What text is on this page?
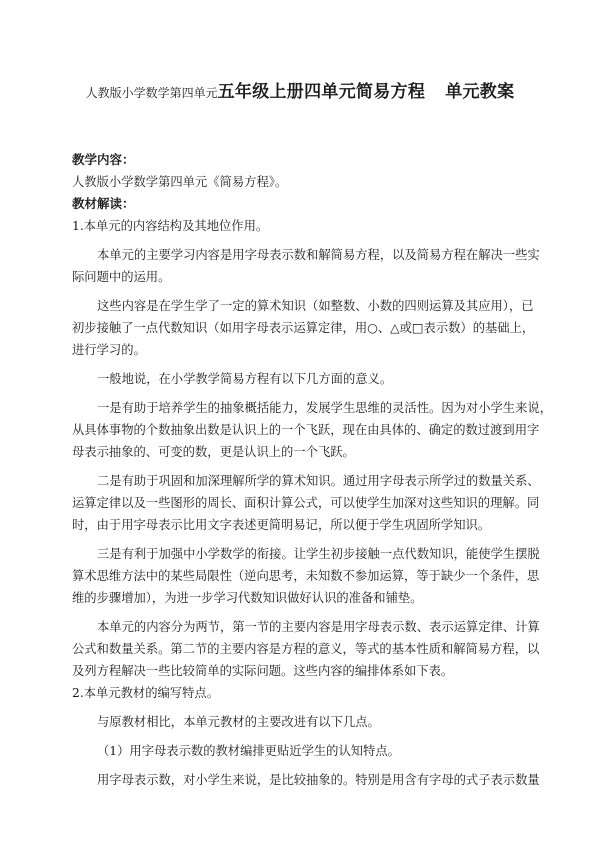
人教版小学数学第四单元五年级上册四单元简易方程 单元教案
教学内容：
人教版小学数学第四单元《简易方程》。
教材解读：
1.本单元的内容结构及其地位作用。
本单元的主要学习内容是用字母表示数和解简易方程，以及简易方程在解决一些实
际问题中的运用。
这些内容是在学生学了一定的算术知识（如整数、小数的四则运算及其应用），已
初步接触了一点代数知识（如用字母表示运算定律，用○、△或□表示数）的基础上，
进行学习的。
一般地说，在小学教学简易方程有以下几方面的意义。
一是有助于培养学生的抽象概括能力，发展学生思维的灵活性。因为对小学生来说，
从具体事物的个数抽象出数是认识上的一个飞跃，现在由具体的、确定的数过渡到用字
母表示抽象的、可变的数，更是认识上的一个飞跃。
二是有助于巩固和加深理解所学的算术知识。通过用字母表示所学过的数量关系、
运算定律以及一些图形的周长、面积计算公式，可以使学生加深对这些知识的理解。同
时，由于用字母表示比用文字表述更简明易记，所以便于学生巩固所学知识。
三是有利于加强中小学数学的衔接。让学生初步接触一点代数知识，能使学生摆脱
算术思维方法中的某些局限性（逆向思考，未知数不参加运算，等于缺少一个条件，思
维的步骤增加），为进一步学习代数知识做好认识的准备和铺垫。
本单元的内容分为两节，第一节的主要内容是用字母表示数、表示运算定律、计算
公式和数量关系。第二节的主要内容是方程的意义，等式的基本性质和解简易方程，以
及列方程解决一些比较简单的实际问题。这些内容的编排体系如下表。
2.本单元教材的编写特点。
与原教材相比，本单元教材的主要改进有以下几点。
（1）用字母表示数的教材编排更贴近学生的认知特点。
用字母表示数，对小学生来说，是比较抽象的。特别是用含有字母的式子表示数量
